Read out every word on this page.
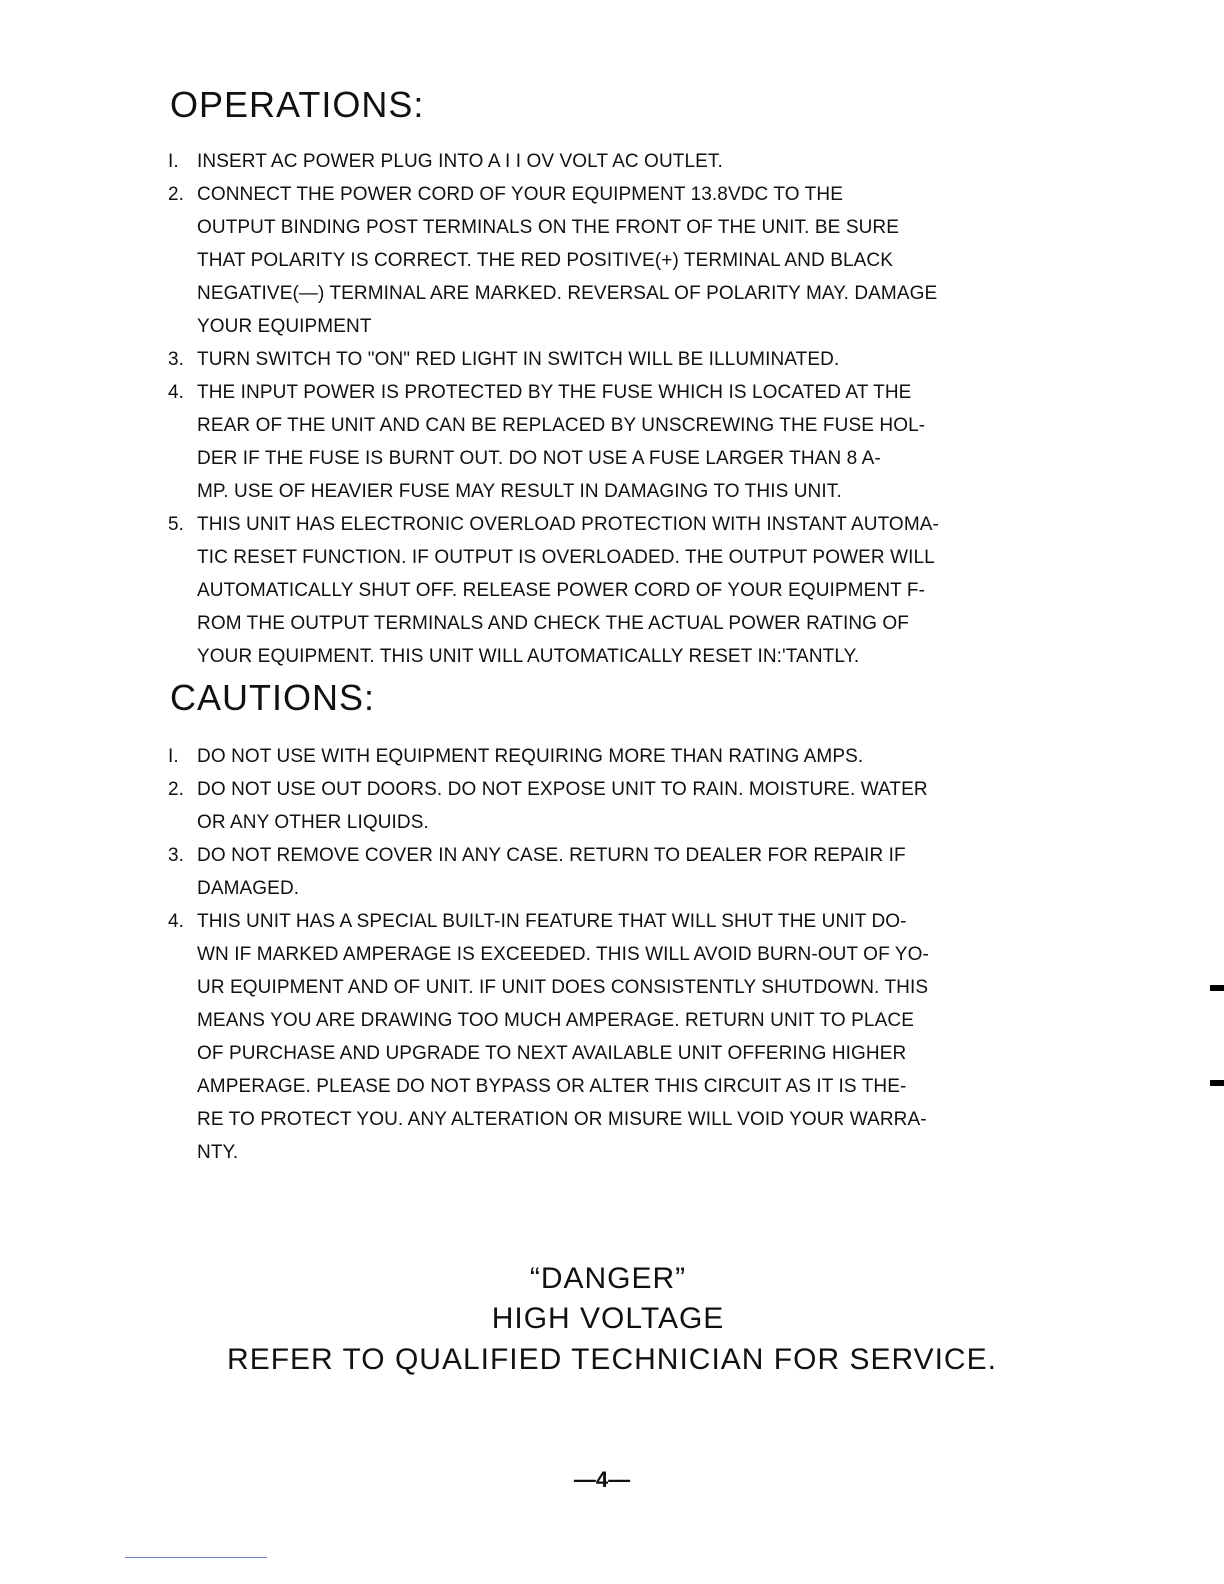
OPERATIONS:
I. INSERT AC POWER PLUG INTO A I I OV VOLT AC OUTLET.
2. CONNECT THE POWER CORD OF YOUR EQUIPMENT 13.8VDC TO THE
OUTPUT BINDING POST TERMINALS ON THE FRONT OF THE UNIT. BE SURE
THAT POLARITY IS CORRECT. THE RED POSITIVE(+) TERMINAL AND BLACK
NEGATIVE(—) TERMINAL ARE MARKED. REVERSAL OF POLARITY MAY. DAMAGE
YOUR EQUIPMENT
3. TURN SWITCH TO "ON" RED LIGHT IN SWITCH WILL BE ILLUMINATED.
4. THE INPUT POWER IS PROTECTED BY THE FUSE WHICH IS LOCATED AT THE
REAR OF THE UNIT AND CAN BE REPLACED BY UNSCREWING THE FUSE HOL-
DER IF THE FUSE IS BURNT OUT. DO NOT USE A FUSE LARGER THAN 8 A-
MP. USE OF HEAVIER FUSE MAY RESULT IN DAMAGING TO THIS UNIT.
5. THIS UNIT HAS ELECTRONIC OVERLOAD PROTECTION WITH INSTANT AUTOMA-
TIC RESET FUNCTION. IF OUTPUT IS OVERLOADED. THE OUTPUT POWER WILL
AUTOMATICALLY SHUT OFF. RELEASE POWER CORD OF YOUR EQUIPMENT F-
ROM THE OUTPUT TERMINALS AND CHECK THE ACTUAL POWER RATING OF
YOUR EQUIPMENT. THIS UNIT WILL AUTOMATICALLY RESET IN:'TANTLY.
CAUTIONS:
I. DO NOT USE WITH EQUIPMENT REQUIRING MORE THAN RATING AMPS.
2. DO NOT USE OUT DOORS. DO NOT EXPOSE UNIT TO RAIN. MOISTURE. WATER
OR ANY OTHER LIQUIDS.
3. DO NOT REMOVE COVER IN ANY CASE. RETURN TO DEALER FOR REPAIR IF
DAMAGED.
4. THIS UNIT HAS A SPECIAL BUILT-IN FEATURE THAT WILL SHUT THE UNIT DO-
WN IF MARKED AMPERAGE IS EXCEEDED. THIS WILL AVOID BURN-OUT OF YO-
UR EQUIPMENT AND OF UNIT. IF UNIT DOES CONSISTENTLY SHUTDOWN. THIS
MEANS YOU ARE DRAWING TOO MUCH AMPERAGE. RETURN UNIT TO PLACE
OF PURCHASE AND UPGRADE TO NEXT AVAILABLE UNIT OFFERING HIGHER
AMPERAGE. PLEASE DO NOT BYPASS OR ALTER THIS CIRCUIT AS IT IS THE-
RE TO PROTECT YOU. ANY ALTERATION OR MISURE WILL VOID YOUR WARRA-
NTY.

“DANGER”

HIGH VOLTAGE

REFER TO QUALIFIED TECHNICIAN FOR SERVICE.

—4—
